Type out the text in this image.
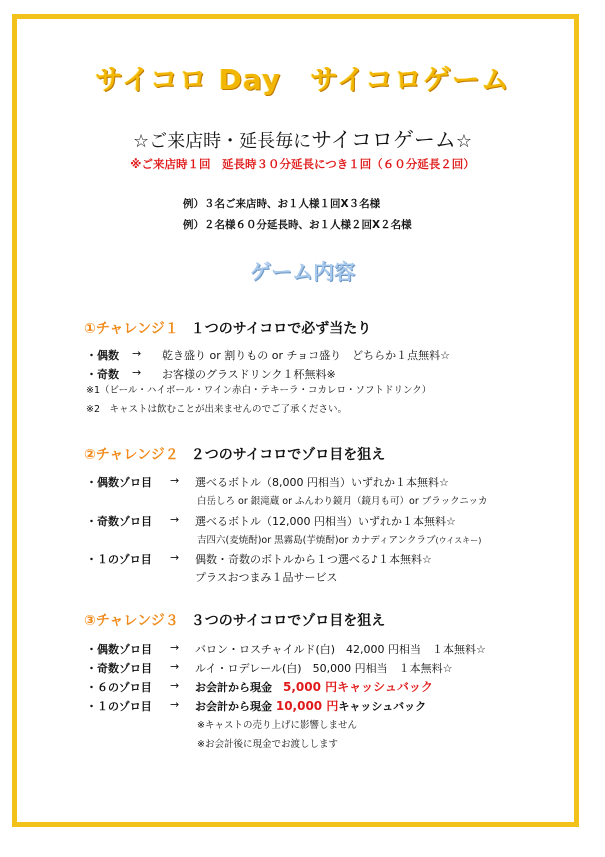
サイコロ Day　サイコロゲーム
☆ご来店時・延長毎にサイコロゲーム☆
※ご来店時１回　延長時３０分延長につき１回（６０分延長２回）
例）３名ご来店時、お１人様１回X３名様
例）２名様６０分延長時、お１人様２回X２名様
ゲーム内容
①チャレンジ１ １つのサイコロで必ず当たり
・偶数 → 乾き盛り or 割りもの or チョコ盛り　どちらか１点無料☆
・奇数 → お客様のグラスドリンク１杯無料※
※1（ビール・ハイボール・ワイン赤白・テキーラ・コカレロ・ソフトドリンク）
※2　キャストは飲むことが出来ませんのでご了承ください。
②チャレンジ２ ２つのサイコロでゾロ目を狙え
・偶数ゾロ目 → 選べるボトル（8,000 円相当）いずれか１本無料☆
白岳しろ or 銀滝蔵 or ふんわり鏡月（鏡月も可）or ブラックニッカ
・奇数ゾロ目 → 選べるボトル（12,000 円相当）いずれか１本無料☆
吉四六(麦焼酎)or 黒霧島(芋焼酎)or カナディアンクラブ(ウイスキー)
・１のゾロ目 → 偶数・奇数のボトルから１つ選べる♪１本無料☆
プラスおつまみ１品サービス
③チャレンジ３ ３つのサイコロでゾロ目を狙え
・偶数ゾロ目 → バロン・ロスチャイルド(白)　42,000 円相当　１本無料☆
・奇数ゾロ目 → ルイ・ロデレール(白)　50,000 円相当　１本無料☆
・６のゾロ目 → お会計から現金　 5,000 円キャッシュバック
・１のゾロ目 → お会計から現金 10,000 円キャッシュバック
※キャストの売り上げに影響しません
※お会計後に現金でお渡しします
